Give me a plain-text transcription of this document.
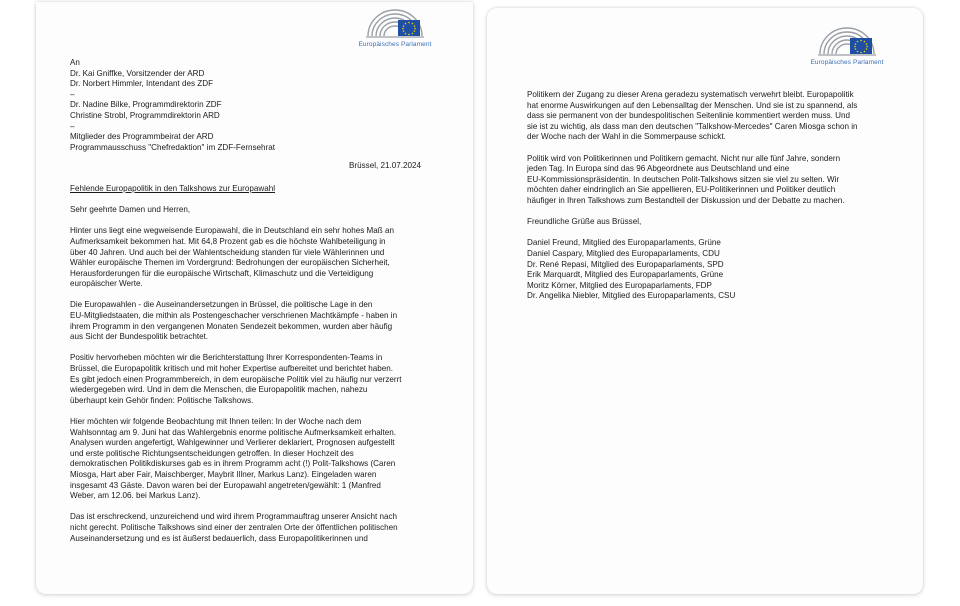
Europäisches Parlament
An
Dr. Kai Gniffke, Vorsitzender der ARD
Dr. Norbert Himmler, Intendant des ZDF
–
Dr. Nadine Bilke, Programmdirektorin ZDF
Christine Strobl, Programmdirektorin ARD
–
Mitglieder des Programmbeirat der ARD
Programmausschuss "Chefredaktion" im ZDF-Fernsehrat
Brüssel, 21.07.2024
Fehlende Europapolitik in den Talkshows zur Europawahl
Sehr geehrte Damen und Herren,
Hinter uns liegt eine wegweisende Europawahl, die in Deutschland ein sehr hohes Maß an
Aufmerksamkeit bekommen hat. Mit 64,8 Prozent gab es die höchste Wahlbeteiligung in
über 40 Jahren. Und auch bei der Wahlentscheidung standen für viele Wählerinnen und
Wähler europäische Themen im Vordergrund: Bedrohungen der europäischen Sicherheit,
Herausforderungen für die europäische Wirtschaft, Klimaschutz und die Verteidigung
europäischer Werte.
Die Europawahlen - die Auseinandersetzungen in Brüssel, die politische Lage in den
EU-Mitgliedstaaten, die mithin als Postengeschacher verschrienen Machtkämpfe - haben in
ihrem Programm in den vergangenen Monaten Sendezeit bekommen, wurden aber häufig
aus Sicht der Bundespolitik betrachtet.
Positiv hervorheben möchten wir die Berichterstattung Ihrer Korrespondenten-Teams in
Brüssel, die Europapolitik kritisch und mit hoher Expertise aufbereitet und berichtet haben.
Es gibt jedoch einen Programmbereich, in dem europäische Politik viel zu häufig nur verzerrt
wiedergegeben wird. Und in dem die Menschen, die Europapolitik machen, nahezu
überhaupt kein Gehör finden: Politische Talkshows.
Hier möchten wir folgende Beobachtung mit Ihnen teilen: In der Woche nach dem
Wahlsonntag am 9. Juni hat das Wahlergebnis enorme politische Aufmerksamkeit erhalten.
Analysen wurden angefertigt, Wahlgewinner und Verlierer deklariert, Prognosen aufgestellt
und erste politische Richtungsentscheidungen getroffen. In dieser Hochzeit des
demokratischen Politikdiskurses gab es in ihrem Programm acht (!) Polit-Talkshows (Caren
Miosga, Hart aber Fair, Maischberger, Maybrit Illner, Markus Lanz). Eingeladen waren
insgesamt 43 Gäste. Davon waren bei der Europawahl angetreten/gewählt: 1 (Manfred
Weber, am 12.06. bei Markus Lanz).
Das ist erschreckend, unzureichend und wird ihrem Programmauftrag unserer Ansicht nach
nicht gerecht. Politische Talkshows sind einer der zentralen Orte der öffentlichen politischen
Auseinandersetzung und es ist äußerst bedauerlich, dass Europapolitikerinnen und
Europäisches Parlament
Politikern der Zugang zu dieser Arena geradezu systematisch verwehrt bleibt. Europapolitik
hat enorme Auswirkungen auf den Lebensalltag der Menschen. Und sie ist zu spannend, als
dass sie permanent von der bundespolitischen Seitenlinie kommentiert werden muss. Und
sie ist zu wichtig, als dass man den deutschen "Talkshow-Mercedes" Caren Miosga schon in
der Woche nach der Wahl in die Sommerpause schickt.
Politik wird von Politikerinnen und Politikern gemacht. Nicht nur alle fünf Jahre, sondern
jeden Tag. In Europa sind das 96 Abgeordnete aus Deutschland und eine
EU-Kommissionspräsidentin. In deutschen Polit-Talkshows sitzen sie viel zu selten. Wir
möchten daher eindringlich an Sie appellieren, EU-Politikerinnen und Politiker deutlich
häufiger in Ihren Talkshows zum Bestandteil der Diskussion und der Debatte zu machen.
Freundliche Grüße aus Brüssel,
Daniel Freund, Mitglied des Europaparlaments, Grüne
Daniel Caspary, Mitglied des Europaparlaments, CDU
Dr. René Repasi, Mitglied des Europaparlaments, SPD
Erik Marquardt, Mitglied des Europaparlaments, Grüne
Moritz Körner, Mitglied des Europaparlaments, FDP
Dr. Angelika Niebler, Mitglied des Europaparlaments, CSU
